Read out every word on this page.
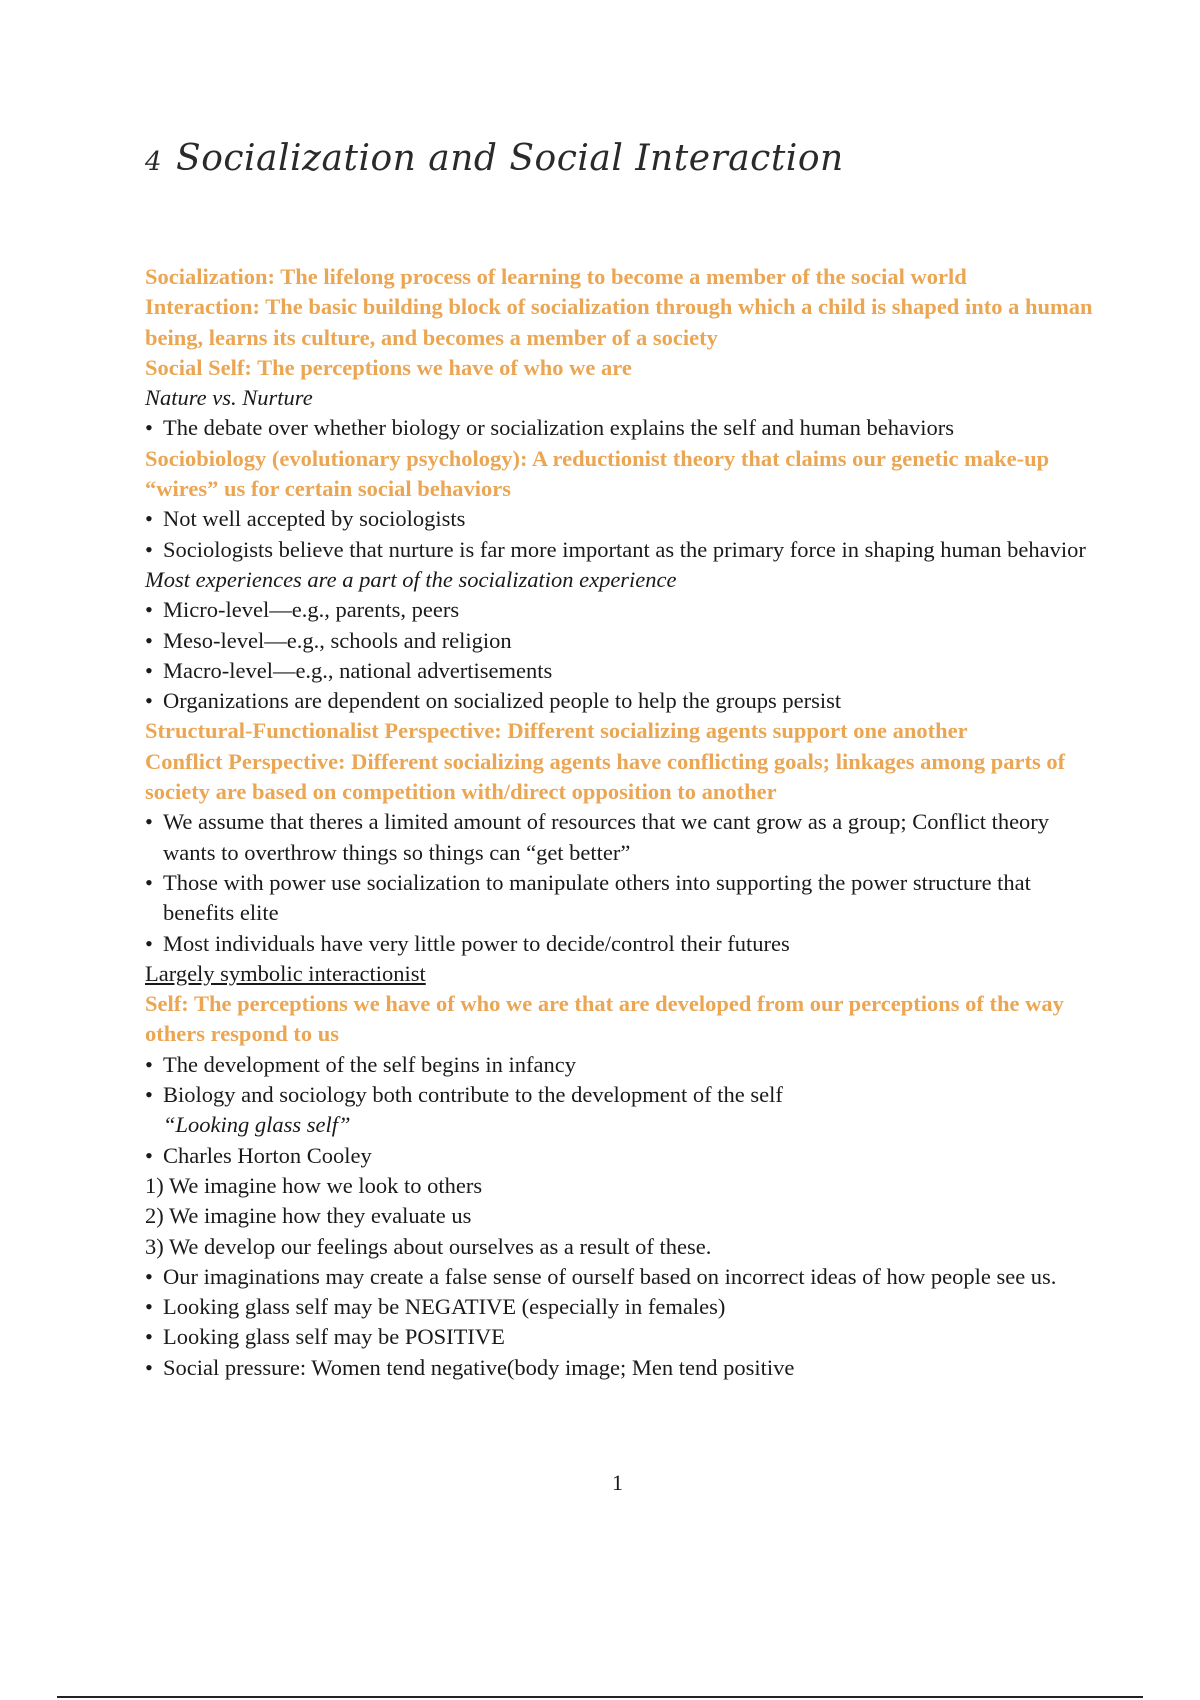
4 Socialization and Social Interaction

Socialization: The lifelong process of learning to become a member of the social world

Interaction: The basic building block of socialization through which a child is shaped into a human being, learns its culture, and becomes a member of a society

Social Self: The perceptions we have of who we are

Nature vs. Nurture

• The debate over whether biology or socialization explains the self and human behaviors

Sociobiology (evolutionary psychology): A reductionist theory that claims our genetic make-up “wires” us for certain social behaviors

• Not well accepted by sociologists

• Sociologists believe that nurture is far more important as the primary force in shaping human behavior

Most experiences are a part of the socialization experience

• Micro-level—e.g., parents, peers

• Meso-level—e.g., schools and religion

• Macro-level—e.g., national advertisements

• Organizations are dependent on socialized people to help the groups persist

Structural-Functionalist Perspective: Different socializing agents support one another

Conflict Perspective: Different socializing agents have conflicting goals; linkages among parts of society are based on competition with/direct opposition to another

• We assume that theres a limited amount of resources that we cant grow as a group; Conflict theory wants to overthrow things so things can “get better”

• Those with power use socialization to manipulate others into supporting the power structure that benefits elite

• Most individuals have very little power to decide/control their futures

Largely symbolic interactionist

Self: The perceptions we have of who we are that are developed from our perceptions of the way others respond to us

• The development of the self begins in infancy

• Biology and sociology both contribute to the development of the self

“Looking glass self”

• Charles Horton Cooley

1) We imagine how we look to others

2) We imagine how they evaluate us

3) We develop our feelings about ourselves as a result of these.

• Our imaginations may create a false sense of ourself based on incorrect ideas of how people see us.

• Looking glass self may be NEGATIVE (especially in females)

• Looking glass self may be POSITIVE

• Social pressure: Women tend negative(body image; Men tend positive

1
